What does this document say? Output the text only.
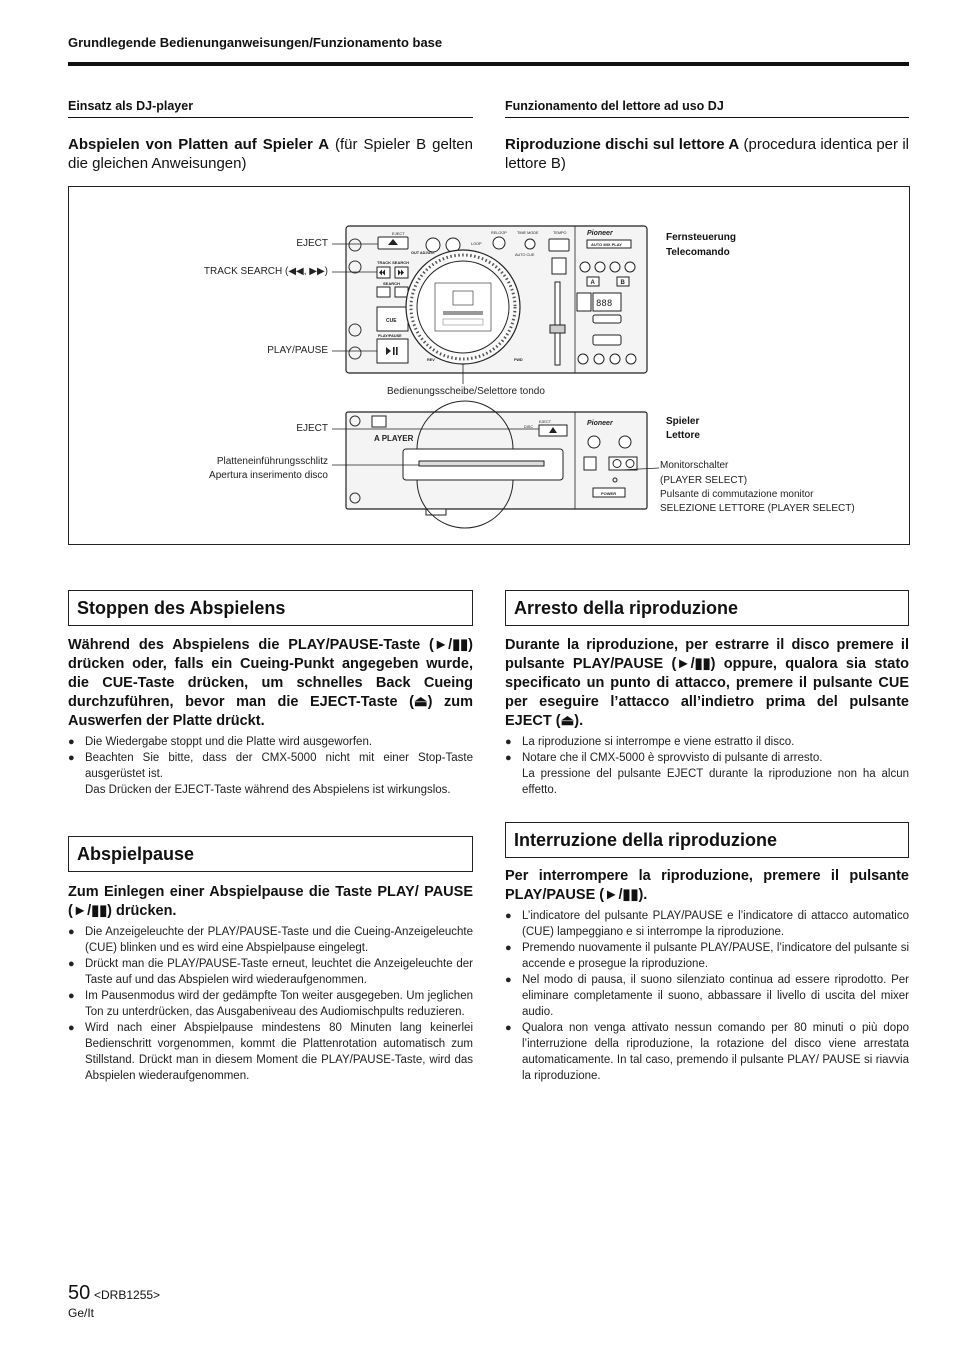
Grundlegende Bedienunganweisungen/Funzionamento base
Einsatz als DJ-player	Funzionamento del lettore ad uso DJ
Abspielen von Platten auf Spieler A (für Spieler B gelten die gleichen Anweisungen)
Riproduzione dischi sul lettore A (procedura identica per il lettore B)
EJECT
TRACK SEARCH
SEARCH
CUE
PLAY/PAUSE
OUT ADJUST
LOOP
RELOOP	TIME MODE
AUTO CUE
REV	FWD
TEMPO	Pioneer
AUTO MIX PLAY
A	B
888
A PLAYER
EJECT
DISC	Pioneer
POWER
EJECT
TRACK SEARCH (◀◀, ▶▶)
PLAY/PAUSE
Bedienungsscheibe/Selettore tondo
Fernsteuerung
Telecomando
EJECT
Platteneinführungsschlitz
Apertura inserimento disco
Spieler
Lettore
Monitorschalter
(PLAYER SELECT)
Pulsante di commutazione monitor
SELEZIONE LETTORE (PLAYER SELECT)
Stoppen des Abspielens
Während des Abspielens die PLAY/PAUSE-Taste (►/▮▮) drücken oder, falls ein Cueing-Punkt angegeben wurde, die CUE-Taste drücken, um schnelles Back Cueing durchzuführen, bevor man die EJECT-Taste (⏏) zum Auswerfen der Platte drückt.
● Die Wiedergabe stoppt und die Platte wird ausgeworfen.
● Beachten Sie bitte, dass der CMX-5000 nicht mit einer Stop-Taste ausgerüstet ist.
Das Drücken der EJECT-Taste während des Abspielens ist wirkungslos.
Abspielpause
Zum Einlegen einer Abspielpause die Taste PLAY/ PAUSE (►/▮▮) drücken.
● Die Anzeigeleuchte der PLAY/PAUSE-Taste und die Cueing-Anzeigeleuchte (CUE) blinken und es wird eine Abspielpause eingelegt.
● Drückt man die PLAY/PAUSE-Taste erneut, leuchtet die Anzeigeleuchte der Taste auf und das Abspielen wird wiederaufgenommen.
● Im Pausenmodus wird der gedämpfte Ton weiter ausgegeben. Um jeglichen Ton zu unterdrücken, das Ausgabeniveau des Audiomischpults reduzieren.
● Wird nach einer Abspielpause mindestens 80 Minuten lang keinerlei Bedienschritt vorgenommen, kommt die Plattenrotation automatisch zum Stillstand. Drückt man in diesem Moment die PLAY/PAUSE-Taste, wird das Abspielen wiederaufgenommen.
Arresto della riproduzione
Durante la riproduzione, per estrarre il disco premere il pulsante PLAY/PAUSE (►/▮▮) oppure, qualora sia stato specificato un punto di attacco, premere il pulsante CUE per eseguire l’attacco all’indietro prima del pulsante EJECT (⏏).
● La riproduzione si interrompe e viene estratto il disco.
● Notare che il CMX-5000 è sprovvisto di pulsante di arresto.
La pressione del pulsante EJECT durante la riproduzione non ha alcun effetto.
Interruzione della riproduzione
Per interrompere la riproduzione, premere il pulsante PLAY/PAUSE (►/▮▮).
● L’indicatore del pulsante PLAY/PAUSE e l’indicatore di attacco automatico (CUE) lampeggiano e si interrompe la riproduzione.
● Premendo nuovamente il pulsante PLAY/PAUSE, l’indicatore del pulsante si accende e prosegue la riproduzione.
● Nel modo di pausa, il suono silenziato continua ad essere riprodotto. Per eliminare completamente il suono, abbassare il livello di uscita del mixer audio.
● Qualora non venga attivato nessun comando per 80 minuti o più dopo l’interruzione della riproduzione, la rotazione del disco viene arrestata automaticamente. In tal caso, premendo il pulsante PLAY/ PAUSE si riavvia la riproduzione.
50 <DRB1255>
Ge/It
